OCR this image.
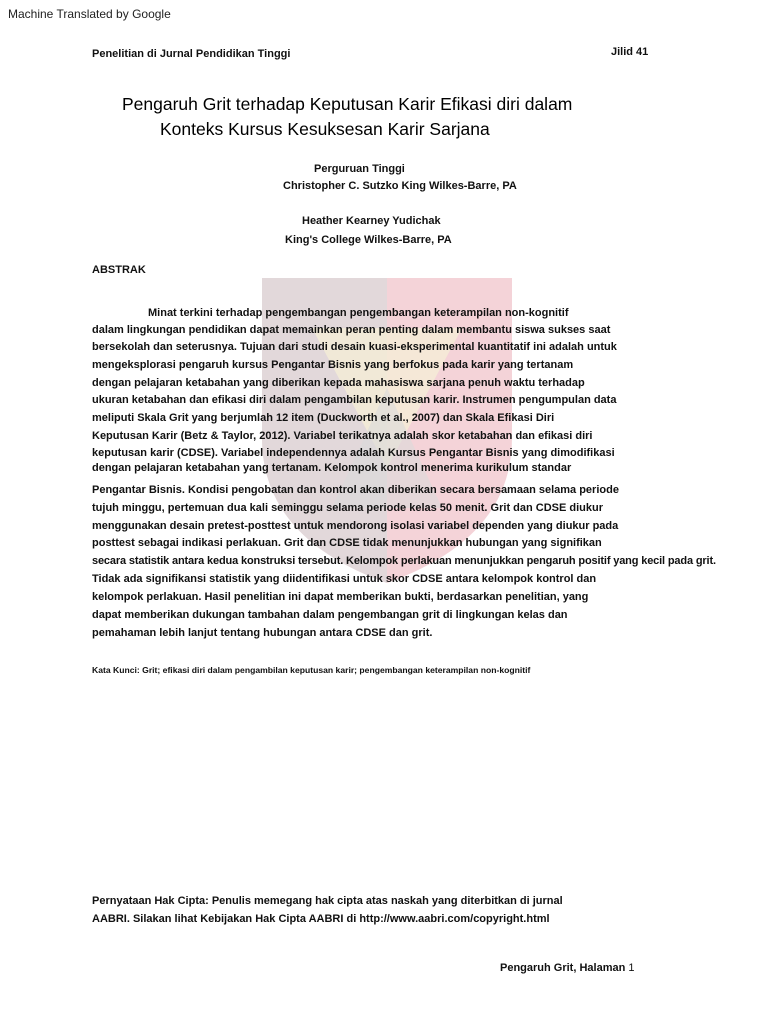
Machine Translated by Google
Penelitian di Jurnal Pendidikan Tinggi	Jilid 41
Pengaruh Grit terhadap Keputusan Karir Efikasi diri dalam
Konteks Kursus Kesuksesan Karir Sarjana
Perguruan Tinggi
Christopher C. Sutzko King Wilkes-Barre, PA
Heather Kearney Yudichak
King's College Wilkes-Barre, PA
ABSTRAK
Minat terkini terhadap pengembangan pengembangan keterampilan non-kognitif
dalam lingkungan pendidikan dapat memainkan peran penting dalam membantu siswa sukses saat
bersekolah dan seterusnya. Tujuan dari studi desain kuasi-eksperimental kuantitatif ini adalah untuk
mengeksplorasi pengaruh kursus Pengantar Bisnis yang berfokus pada karir yang tertanam
dengan pelajaran ketabahan yang diberikan kepada mahasiswa sarjana penuh waktu terhadap
ukuran ketabahan dan efikasi diri dalam pengambilan keputusan karir. Instrumen pengumpulan data
meliputi Skala Grit yang berjumlah 12 item (Duckworth et al., 2007) dan Skala Efikasi Diri
Keputusan Karir (Betz & Taylor, 2012). Variabel terikatnya adalah skor ketabahan dan efikasi diri
keputusan karir (CDSE). Variabel independennya adalah Kursus Pengantar Bisnis yang dimodifikasi
dengan pelajaran ketabahan yang tertanam. Kelompok kontrol menerima kurikulum standar
Pengantar Bisnis. Kondisi pengobatan dan kontrol akan diberikan secara bersamaan selama periode
tujuh minggu, pertemuan dua kali seminggu selama periode kelas 50 menit. Grit dan CDSE diukur
menggunakan desain pretest-posttest untuk mendorong isolasi variabel dependen yang diukur pada
posttest sebagai indikasi perlakuan. Grit dan CDSE tidak menunjukkan hubungan yang signifikan
secara statistik antara kedua konstruksi tersebut. Kelompok perlakuan menunjukkan pengaruh positif yang kecil pada grit.
Tidak ada signifikansi statistik yang diidentifikasi untuk skor CDSE antara kelompok kontrol dan
kelompok perlakuan. Hasil penelitian ini dapat memberikan bukti, berdasarkan penelitian, yang
dapat memberikan dukungan tambahan dalam pengembangan grit di lingkungan kelas dan
pemahaman lebih lanjut tentang hubungan antara CDSE dan grit.
Kata Kunci: Grit; efikasi diri dalam pengambilan keputusan karir; pengembangan keterampilan non-kognitif
Pernyataan Hak Cipta: Penulis memegang hak cipta atas naskah yang diterbitkan di jurnal
AABRI. Silakan lihat Kebijakan Hak Cipta AABRI di http://www.aabri.com/copyright.html
Pengaruh Grit, Halaman 1
